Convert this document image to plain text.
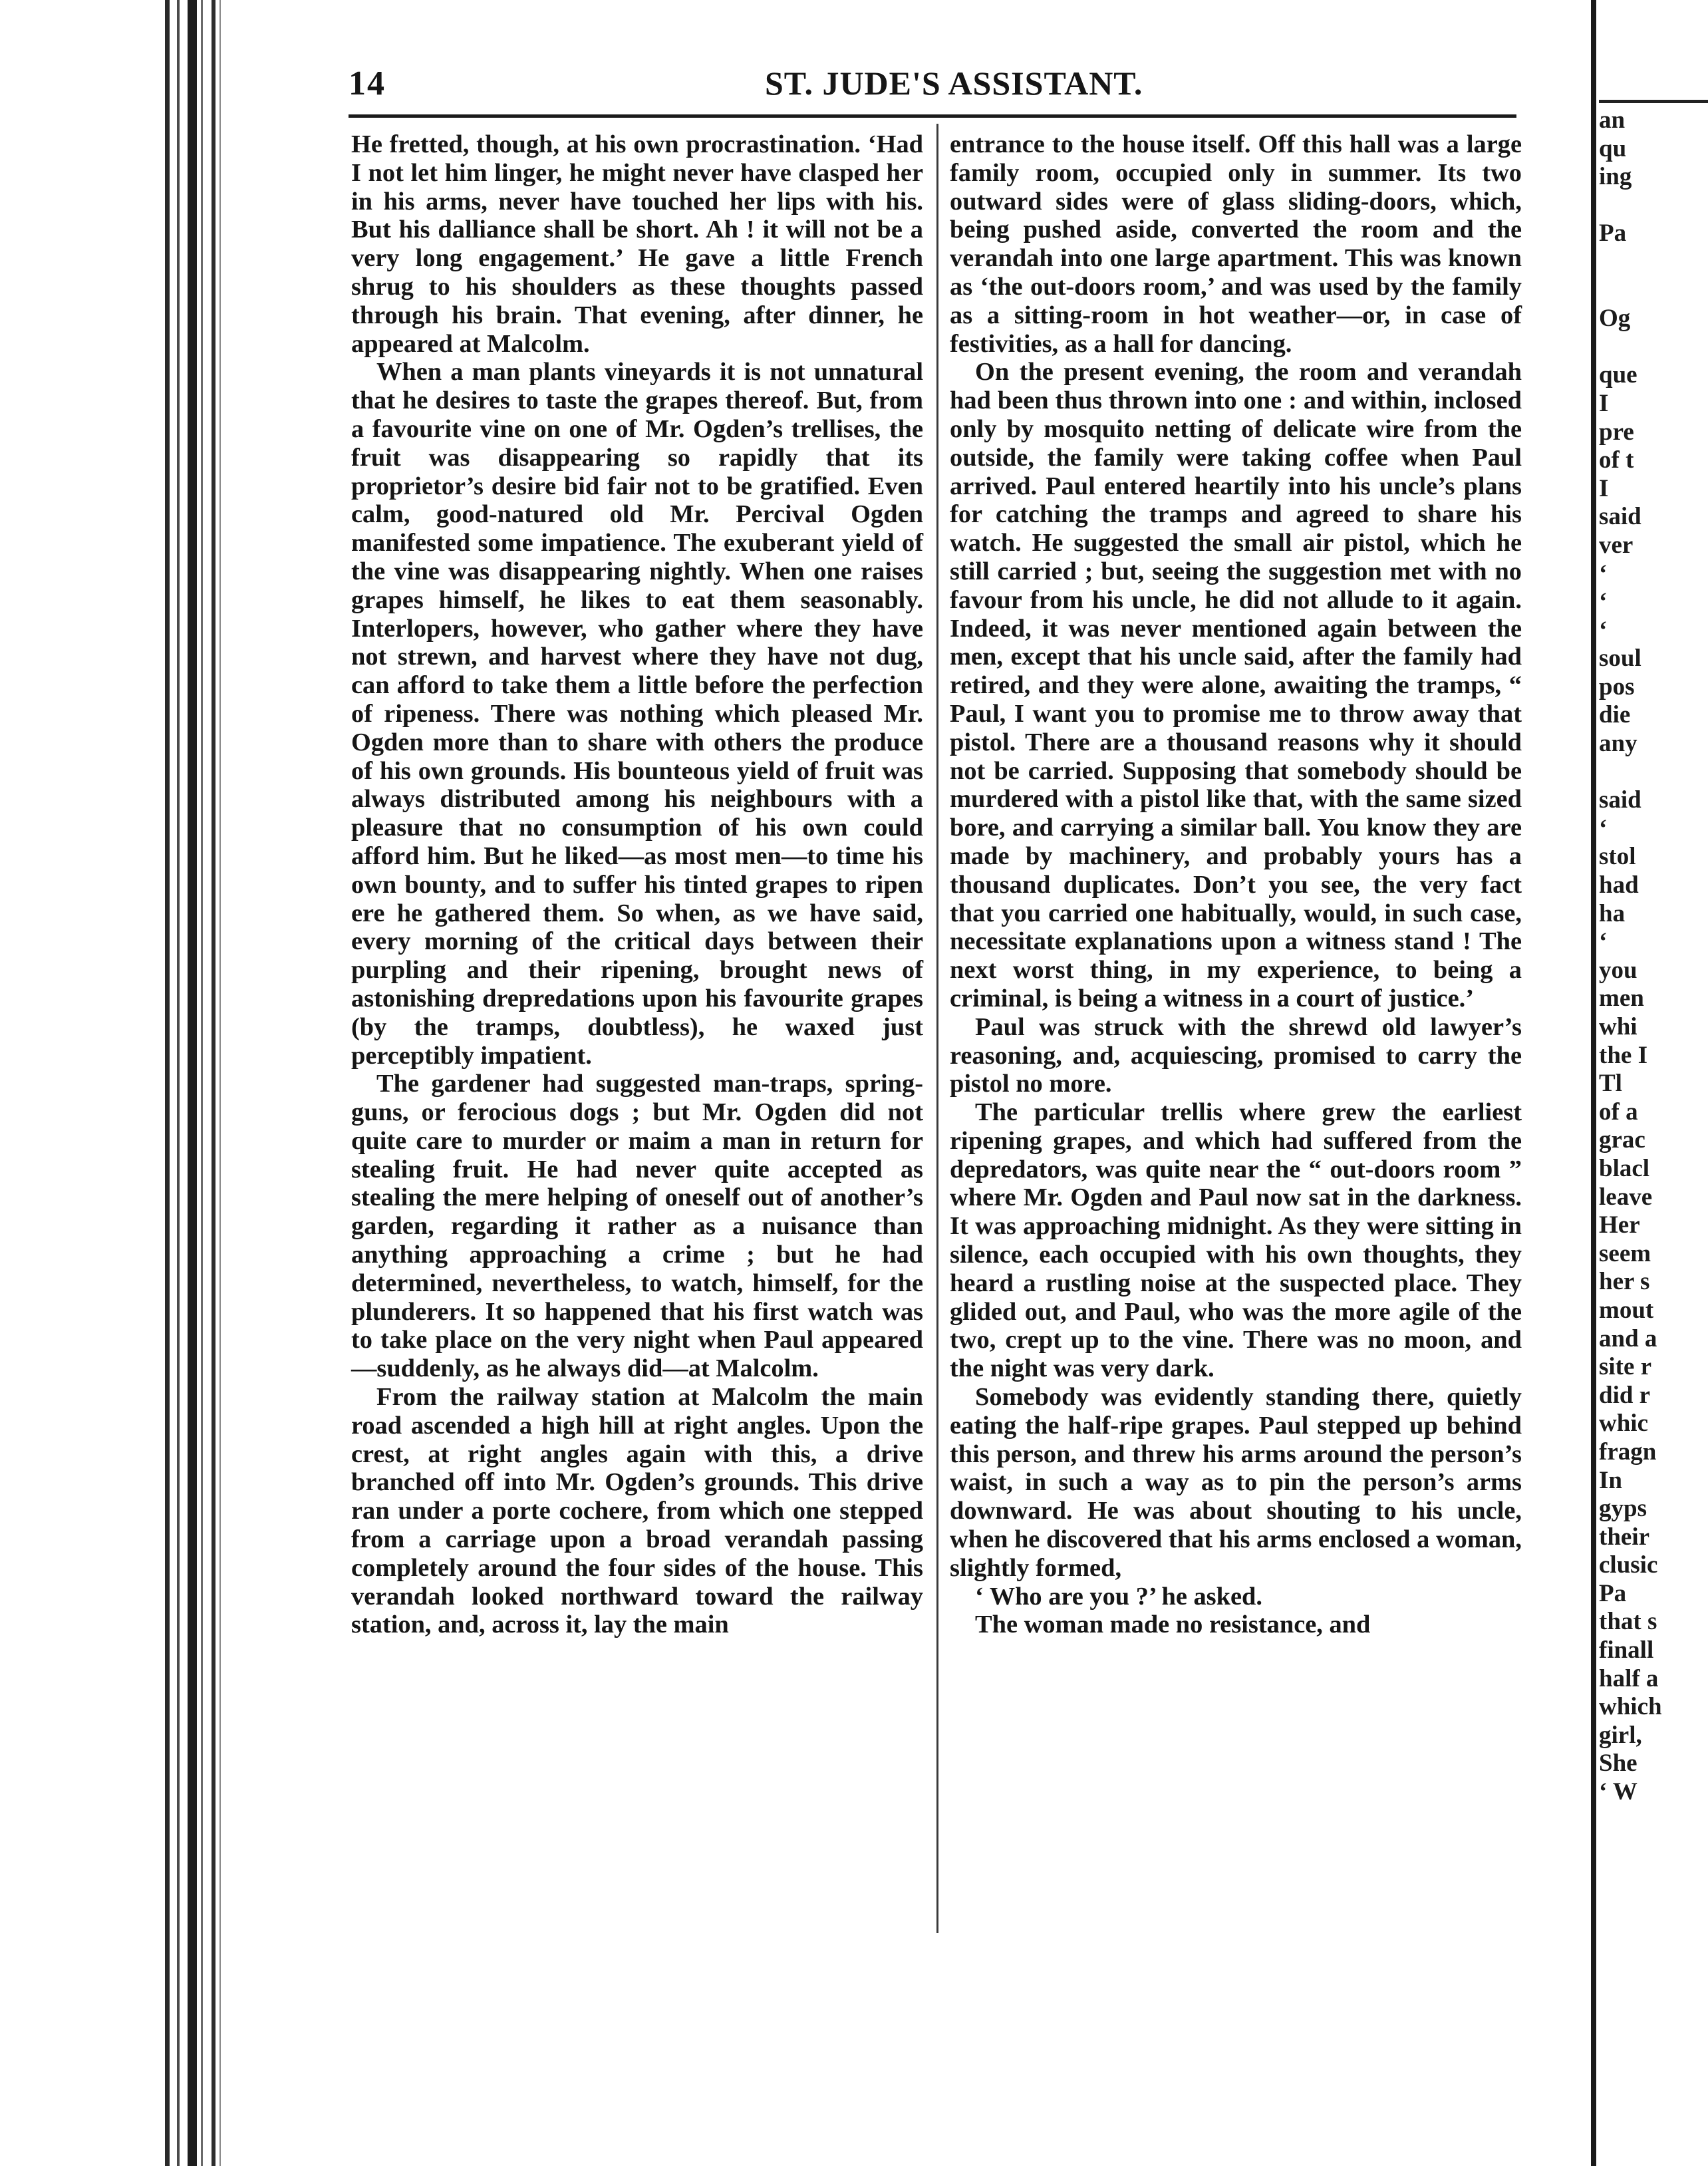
14	ST. JUDE'S ASSISTANT.

He fretted, though, at his own procrastination. ‘Had I not let him linger, he might never have clasped her in his arms, never have touched her lips with his. But his dalliance shall be short. Ah ! it will not be a very long engagement.’ He gave a little French shrug to his shoulders as these thoughts passed through his brain. That evening, after dinner, he appeared at Malcolm.

When a man plants vineyards it is not unnatural that he desires to taste the grapes thereof. But, from a favourite vine on one of Mr. Ogden’s trellises, the fruit was disappearing so rapidly that its proprietor’s desire bid fair not to be gratified. Even calm, good-natured old Mr. Percival Ogden manifested some impatience. The exuberant yield of the vine was disappearing nightly. When one raises grapes himself, he likes to eat them seasonably. Interlopers, however, who gather where they have not strewn, and harvest where they have not dug, can afford to take them a little before the perfection of ripeness. There was nothing which pleased Mr. Ogden more than to share with others the produce of his own grounds. His bounteous yield of fruit was always distributed among his neighbours with a pleasure that no consumption of his own could afford him. But he liked—as most men—to time his own bounty, and to suffer his tinted grapes to ripen ere he gathered them. So when, as we have said, every morning of the critical days between their purpling and their ripening, brought news of astonishing drepredations upon his favourite grapes (by the tramps, doubtless), he waxed just perceptibly impatient.

The gardener had suggested man-traps, spring-guns, or ferocious dogs ; but Mr. Ogden did not quite care to murder or maim a man in return for stealing fruit. He had never quite accepted as stealing the mere helping of oneself out of another’s garden, regarding it rather as a nuisance than anything approaching a crime ; but he had determined, nevertheless, to watch, himself, for the plunderers. It so happened that his first watch was to take place on the very night when Paul appeared—suddenly, as he always did—at Malcolm.

From the railway station at Malcolm the main road ascended a high hill at right angles. Upon the crest, at right angles again with this, a drive branched off into Mr. Ogden’s grounds. This drive ran under a porte cochere, from which one stepped from a carriage upon a broad verandah passing completely around the four sides of the house. This verandah looked northward toward the railway station, and, across it, lay the main

entrance to the house itself. Off this hall was a large family room, occupied only in summer. Its two outward sides were of glass sliding-doors, which, being pushed aside, converted the room and the verandah into one large apartment. This was known as ‘the out-doors room,’ and was used by the family as a sitting-room in hot weather—or, in case of festivities, as a hall for dancing.

On the present evening, the room and verandah had been thus thrown into one : and within, inclosed only by mosquito netting of delicate wire from the outside, the family were taking coffee when Paul arrived. Paul entered heartily into his uncle’s plans for catching the tramps and agreed to share his watch. He suggested the small air pistol, which he still carried ; but, seeing the suggestion met with no favour from his uncle, he did not allude to it again. Indeed, it was never mentioned again between the men, except that his uncle said, after the family had retired, and they were alone, awaiting the tramps, “ Paul, I want you to promise me to throw away that pistol. There are a thousand reasons why it should not be carried. Supposing that somebody should be murdered with a pistol like that, with the same sized bore, and carrying a similar ball. You know they are made by machinery, and probably yours has a thousand duplicates. Don’t you see, the very fact that you carried one habitually, would, in such case, necessitate explanations upon a witness stand ! The next worst thing, in my experience, to being a criminal, is being a witness in a court of justice.’

Paul was struck with the shrewd old lawyer’s reasoning, and, acquiescing, promised to carry the pistol no more.

The particular trellis where grew the earliest ripening grapes, and which had suffered from the depredators, was quite near the “ out-doors room ” where Mr. Ogden and Paul now sat in the darkness. It was approaching midnight. As they were sitting in silence, each occupied with his own thoughts, they heard a rustling noise at the suspected place. They glided out, and Paul, who was the more agile of the two, crept up to the vine. There was no moon, and the night was very dark.

Somebody was evidently standing there, quietly eating the half-ripe grapes. Paul stepped up behind this person, and threw his arms around the person’s waist, in such a way as to pin the person’s arms downward. He was about shouting to his uncle, when he discovered that his arms enclosed a woman, slightly formed,

‘ Who are you ?’ he asked.

The woman made no resistance, and

an
qu
ing

Pa

Og

que
I
pre
of t
I
said
ver
‘
‘
‘
soul
pos
die
any

said
‘
stol
had
ha
‘
you
men
whi
the I
Tl
of a
grac
blacl
leave
Her
seem
her s
mout
and a
site r
did r
whic
fragn
In
gyps
their
clusic
Pa
that s
finall
half a
which
girl,
She
‘ W
